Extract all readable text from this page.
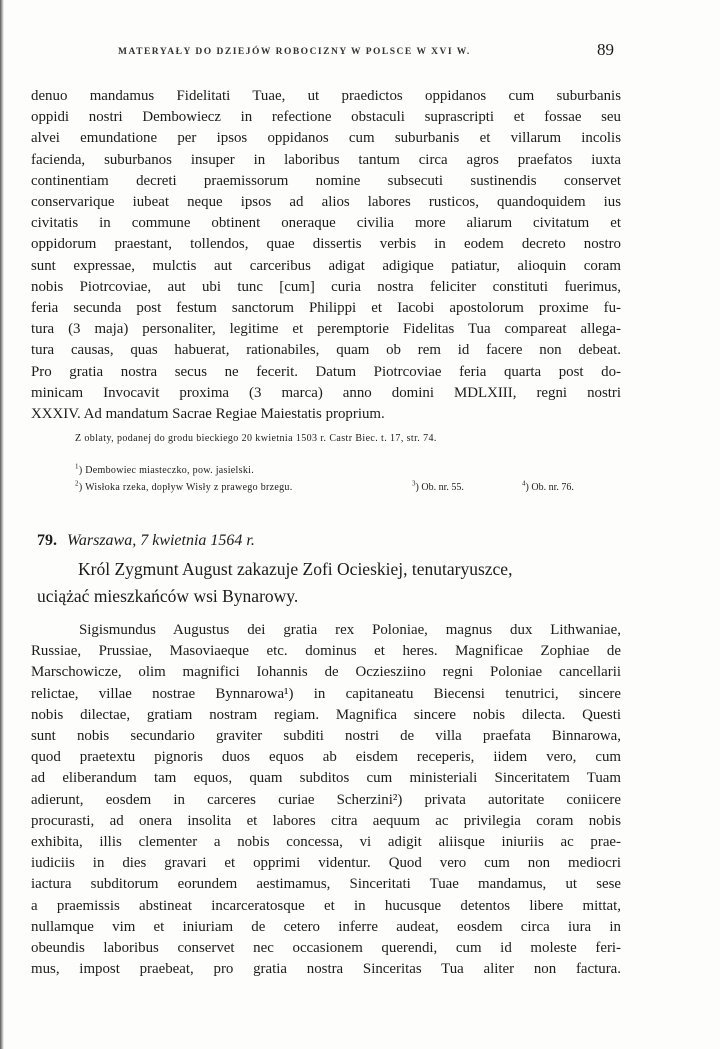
MATERYAŁY DO DZIEJÓW ROBOCIZNY W POLSCE W XVI W.	89
denuo mandamus Fidelitati Tuae, ut praedictos oppidanos cum suburbanis
oppidi nostri Dembowiecz in refectione obstaculi suprascripti et fossae seu
alvei emundatione per ipsos oppidanos cum suburbanis et villarum incolis
facienda, suburbanos insuper in laboribus tantum circa agros praefatos iuxta
continentiam decreti praemissorum nomine subsecuti sustinendis conservet
conservarique iubeat neque ipsos ad alios labores rusticos, quandoquidem ius
civitatis in commune obtinent oneraque civilia more aliarum civitatum et
oppidorum praestant, tollendos, quae dissertis verbis in eodem decreto nostro
sunt expressae, mulctis aut carceribus adigat adigique patiatur, alioquin coram
nobis Piotrcoviae, aut ubi tunc [cum] curia nostra feliciter constituti fuerimus,
feria secunda post festum sanctorum Philippi et Iacobi apostolorum proxime fu-
tura (3 maja) personaliter, legitime et peremptorie Fidelitas Tua compareat allega-
tura causas, quas habuerat, rationabiles, quam ob rem id facere non debeat.
Pro gratia nostra secus ne fecerit. Datum Piotrcoviae feria quarta post do-
minicam Invocavit proxima (3 marca) anno domini MDLXIII, regni nostri
XXXIV. Ad mandatum Sacrae Regiae Maiestatis proprium.
Z oblaty, podanej do grodu bieckiego 20 kwietnia 1503 r. Castr Biec. t. 17, str. 74.
$^1$) Dembowiec miasteczko, pow. jasielski.
$^2$) Wisłoka rzeka, dopływ Wisły z prawego brzegu.	$^3$) Ob. nr. 55.	$^4$) Ob. nr. 76.
79. Warszawa, 7 kwietnia 1564 r.
Król Zygmunt August zakazuje Zofi Ocieskiej, tenutaryuszce,
uciążać mieszkańców wsi Bynarowy.
Sigismundus Augustus dei gratia rex Poloniae, magnus dux Lithwaniae,
Russiae, Prussiae, Masoviaeque etc. dominus et heres. Magnificae Zophiae de
Marschowicze, olim magnifici Iohannis de Ocziesziino regni Poloniae cancellarii
relictae, villae nostrae Bynnarowa¹) in capitaneatu Biecensi tenutrici, sincere
nobis dilectae, gratiam nostram regiam. Magnifica sincere nobis dilecta. Questi
sunt nobis secundario graviter subditi nostri de villa praefata Binnarowa,
quod praetextu pignoris duos equos ab eisdem receperis, iidem vero, cum
ad eliberandum tam equos, quam subditos cum ministeriali Sinceritatem Tuam
adierunt, eosdem in carceres curiae Scherzini²) privata autoritate coniicere
procurasti, ad onera insolita et labores citra aequum ac privilegia coram nobis
exhibita, illis clementer a nobis concessa, vi adigit aliisque iniuriis ac prae-
iudiciis in dies gravari et opprimi videntur. Quod vero cum non mediocri
iactura subditorum eorundem aestimamus, Sinceritati Tuae mandamus, ut sese
a praemissis abstineat incarceratosque et in hucusque detentos libere mittat,
nullamque vim et iniuriam de cetero inferre audeat, eosdem circa iura in
obeundis laboribus conservet nec occasionem querendi, cum id moleste feri-
mus, impost praebeat, pro gratia nostra Sinceritas Tua aliter non factura.
